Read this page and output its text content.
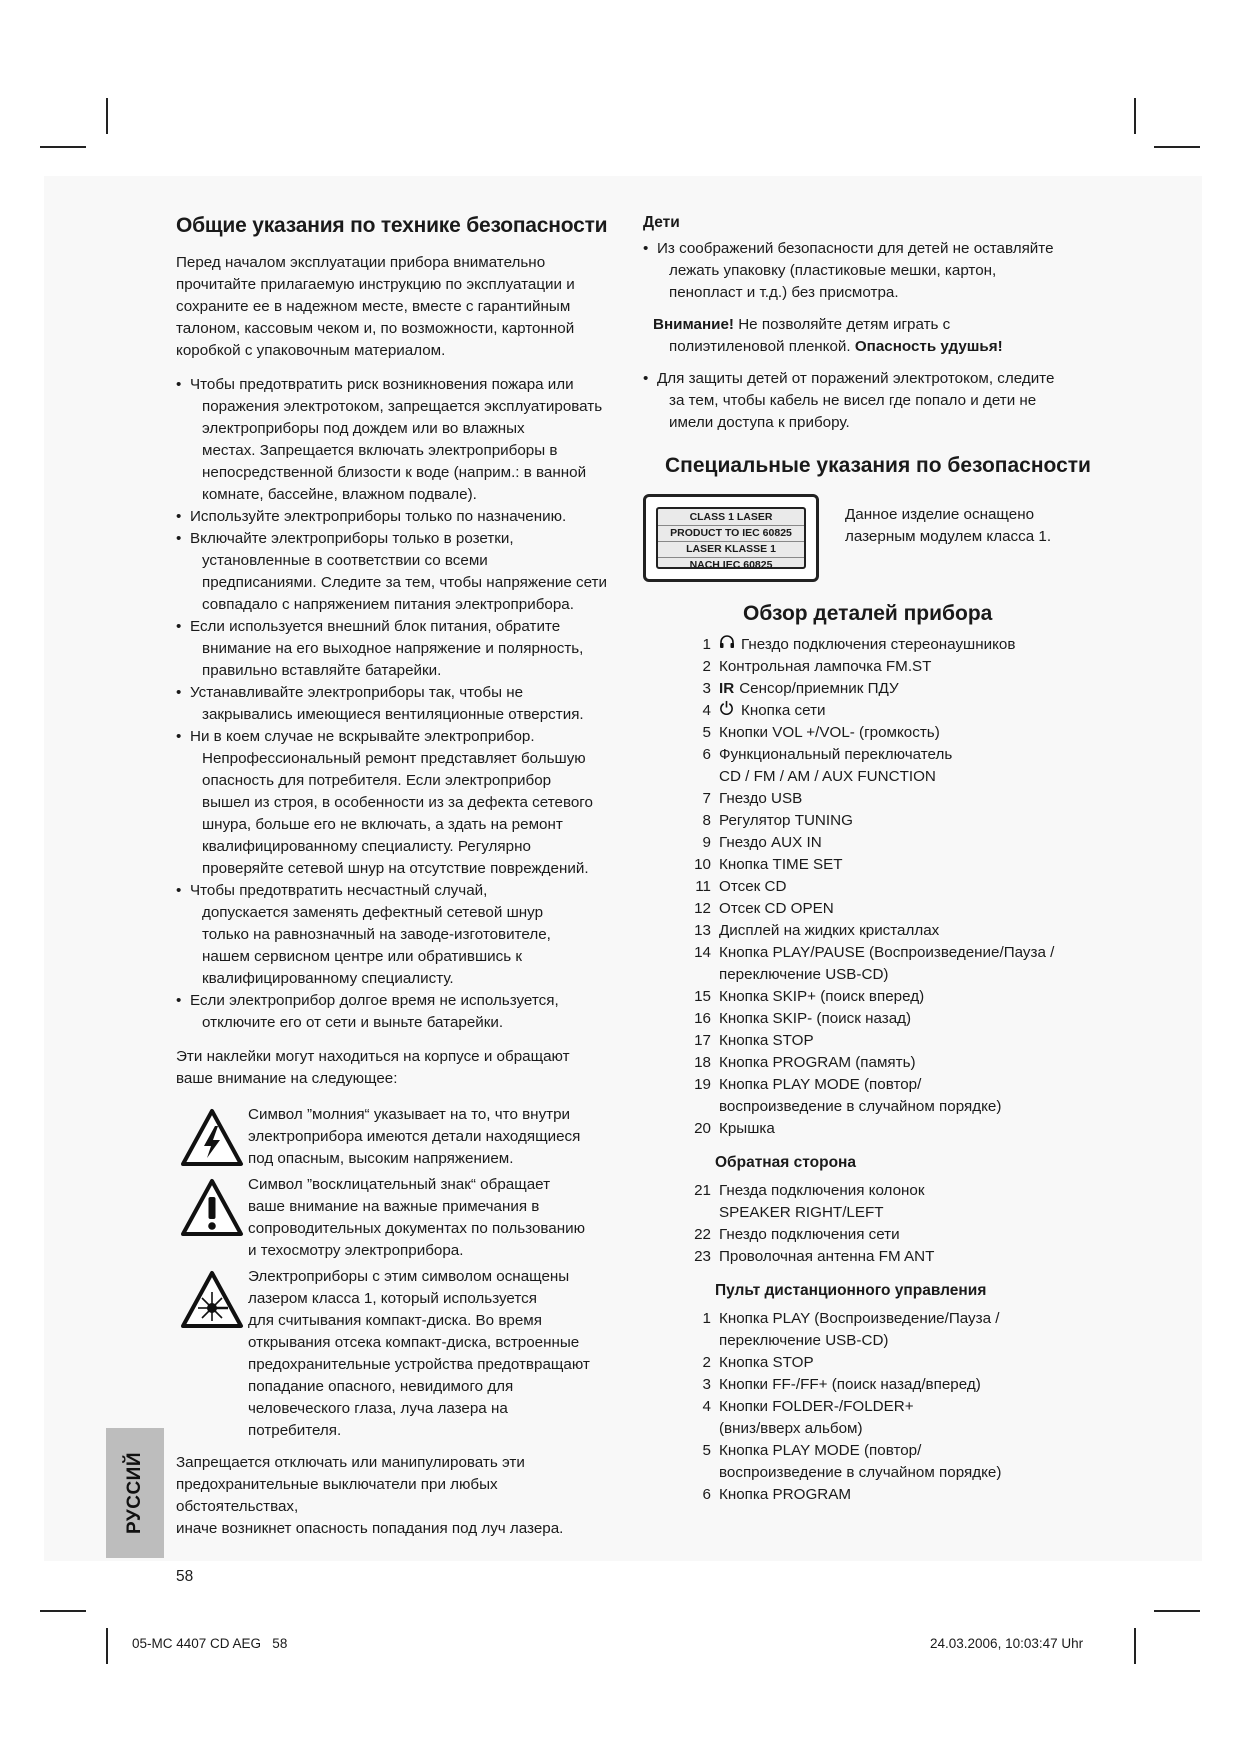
Общие указания по технике безопасности

Перед началом эксплуатации прибора внимательно
прочитайте прилагаемую инструкцию по эксплуатации и
сохраните ее в надежном месте, вместе с гарантийным
талоном, кассовым чеком и, по возможности, картонной
коробкой с упаковочным материалом.

• Чтобы предотвратить риск возникновения пожара или
поражения электротоком, запрещается эксплуатировать
электроприборы под дождем или во влажных
местах. Запрещается включать электроприборы в
непосредственной близости к воде (наприм.: в ванной
комнате, бассейне, влажном подвале).
• Используйте электроприборы только по назначению.
• Включайте электроприборы только в розетки,
установленные в соответствии со всеми
предписаниями. Следите за тем, чтобы напряжение сети
совпадало с напряжением питания электроприбора.
• Если используется внешний блок питания, обратите
внимание на его выходное напряжение и полярность,
правильно вставляйте батарейки.
• Устанавливайте электроприборы так, чтобы не
закрывались имеющиеся вентиляционные отверстия.
• Ни в коем случае не вскрывайте электроприбор.
Непрофессиональный ремонт представляет большую
опасность для потребителя. Если электроприбор
вышел из строя, в особенности из за дефекта сетевого
шнура, больше его не включать, а здать на ремонт
квалифицированному специалисту. Регулярно
проверяйте сетевой шнур на отсутствие повреждений.
• Чтобы предотвратить несчастный случай,
допускается заменять дефектный сетевой шнур
только на равнозначный на заводе-изготовителе,
нашем сервисном центре или обратившись к
квалифицированному специалисту.
• Если электроприбор долгое время не используется,
отключите его от сети и выньте батарейки.

Эти наклейки могут находиться на корпусе и обращают
ваше внимание на следующее:

Символ ”молния“ указывает на то, что внутри
электроприбора имеются детали находящиеся
под опасным, высоким напряжением.
Символ ”восклицательный знак“ обращает
ваше внимание на важные примечания в
сопроводительных документах по пользованию
и техосмотру электроприбора.
Электроприборы с этим символом оснащены
лазером класса 1, который используется
для считывания компакт-диска. Во время
открывания отсека компакт-диска, встроенные
предохранительные устройства предотвращают
попадание опасного, невидимого для
человеческого глаза, луча лазера на
потребителя.

Запрещается отключать или манипулировать эти
предохранительные выключатели при любых обстоятельствах,
иначе возникнет опасность попадания под луч лазера.

Дети
• Из соображений безопасности для детей не оставляйте
лежать упаковку (пластиковые мешки, картон,
пенопласт и т.д.) без присмотра.

Внимание! Не позволяйте детям играть с
полиэтиленовой пленкой. Опасность удушья!

• Для защиты детей от поражений электротоком, следите
за тем, чтобы кабель не висел где попало и дети не
имели доступа к прибору.
Специальные указания по безопасности
CLASS 1 LASER
PRODUCT TO IEC 60825
LASER KLASSE 1
NACH IEC 60825
Данное изделие оснащено
лазерным модулем класса 1.
Обзор деталей прибора
1 Гнездо подключения стереонаушников
2 Контрольная лампочка FM.ST
3 IR Сенсор/приемник ПДУ
4 Кнопка сети
5 Кнопки VOL +/VOL- (громкость)
6 Функциональный переключатель
CD / FM / AM / AUX FUNCTION
7 Гнездо USB
8 Регулятор TUNING
9 Гнездо AUX IN
10 Кнопка TIME SET
11 Отсек CD
12 Отсек CD OPEN
13 Дисплей на жидких кристаллах
14 Кнопка PLAY/PAUSE (Воспроизведение/Пауза /
переключение USB-CD)
15 Кнопка SKIP+ (поиск вперед)
16 Кнопка SKIP- (поиск назад)
17 Кнопка STOP
18 Кнопка PROGRAM (память)
19 Кнопка PLAY MODE (повтор/
воспроизведение в случайном порядке)
20 Крышка
Обратная сторона
21 Гнезда подключения колонок
SPEAKER RIGHT/LEFT
22 Гнездо подключения сети
23 Проволочная антенна FM ANT
Пульт дистанционного управления
1 Кнопка PLAY (Воспроизведение/Пауза /
переключение USB-CD)
2 Кнопка STOP
3 Кнопки FF-/FF+ (поиск назад/вперед)
4 Кнопки FOLDER-/FOLDER+
(вниз/вверх альбом)
5 Кнопка PLAY MODE (повтор/
воспроизведение в случайном порядке)
6 Кнопка PROGRAM
РУССИЙ
58
05-MC 4407 CD AEG   58	24.03.2006, 10:03:47 Uhr
